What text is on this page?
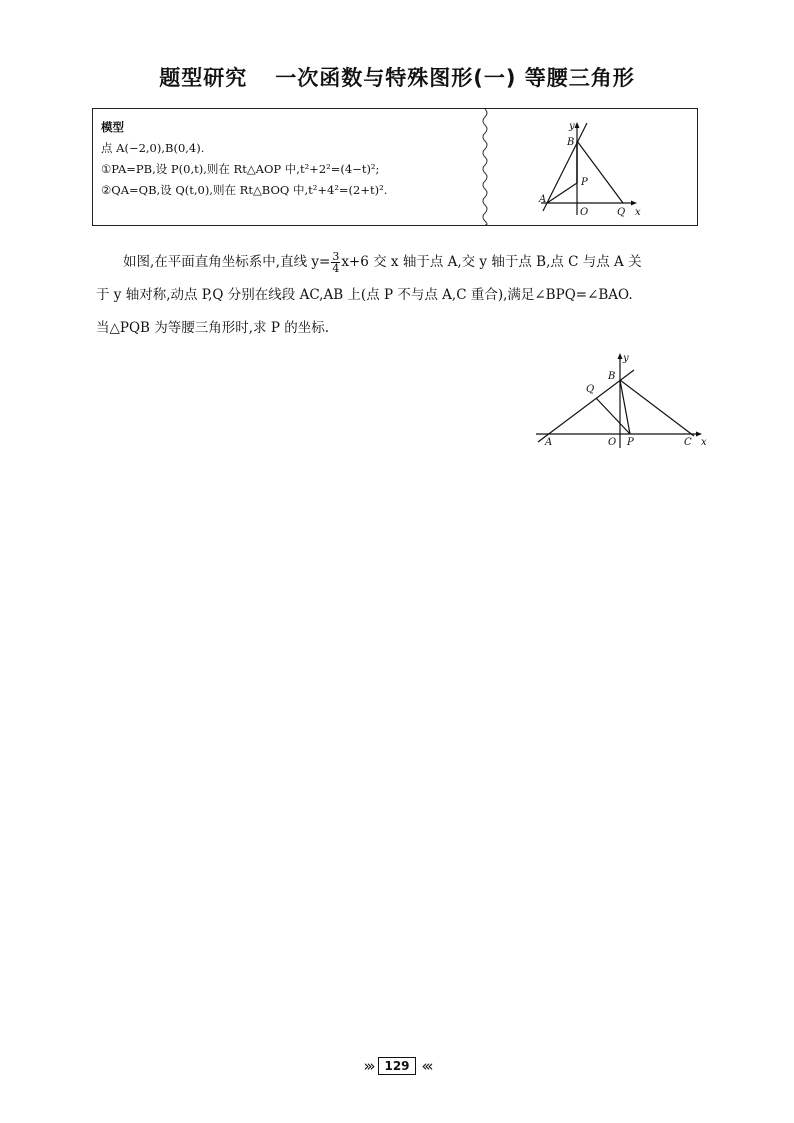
题型研究 一次函数与特殊图形(一) 等腰三角形
模型
点 A(−2,0),B(0,4).
①PA=PB,设 P(0,t),则在 Rt△AOP 中,t²+2²=(4−t)²;
②QA=QB,设 Q(t,0),则在 Rt△BOQ 中,t²+4²=(2+t)².
y
B
P
A
O	Q x

如图,在平面直角坐标系中,直线 $y= \frac{3}{4} x+6$ 交 x 轴于点 A,交 y 轴于点 B,点 C 与点 A 关

于 y 轴对称,动点 P,Q 分别在线段 AC,AB 上(点 P 不与点 A,C 重合),满足∠BPQ=∠BAO.

当△PQB 为等腰三角形时,求 P 的坐标.

y
B
Q
A	O P	C x
››› 129 ‹‹‹
